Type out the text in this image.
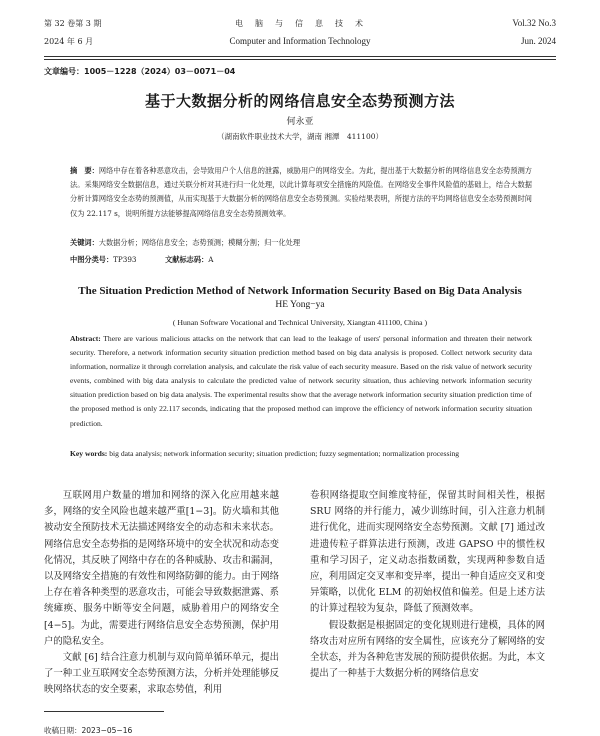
第 32 卷第 3 期
2024 年 6 月
电　脑　与　信　息　技　术
Computer and Information Technology
Vol.32 No.3
Jun. 2024
文章编号：1005－1228（2024）03－0071－04
基于大数据分析的网络信息安全态势预测方法
何永亚
（湖南软件职业技术大学，湖南 湘潭　411100）
摘　要：网络中存在着各种恶意攻击，会导致用户个人信息的泄露，威胁用户的网络安全。为此，提出基于大数据分析的网络信息安全态势预测方法。采集网络安全数据信息，通过关联分析对其进行归一化处理，以此计算每项安全措施的风险值。在网络安全事件风险值的基础上，结合大数据分析计算网络安全态势的预测值，从而实现基于大数据分析的网络信息安全态势预测。实验结果表明，所提方法的平均网络信息安全态势预测时间仅为 22.117 s，说明所提方法能够提高网络信息安全态势预测效率。
关键词：大数据分析；网络信息安全；态势预测；模糊分割；归一化处理
中图分类号：TP393	文献标志码：A
The Situation Prediction Method of Network Information Security Based on Big Data Analysis
HE Yong−ya
( Hunan Software Vocational and Technical University, Xiangtan 411100, China )
Abstract: There are various malicious attacks on the network that can lead to the leakage of users' personal information and threaten their network security. Therefore, a network information security situation prediction method based on big data analysis is proposed. Collect network security data information, normalize it through correlation analysis, and calculate the risk value of each security measure. Based on the risk value of network security events, combined with big data analysis to calculate the predicted value of network security situation, thus achieving network information security situation prediction based on big data analysis. The experimental results show that the average network information security situation prediction time of the proposed method is only 22.117 seconds, indicating that the proposed method can improve the efficiency of network information security situation prediction.
Key words: big data analysis; network information security; situation prediction; fuzzy segmentation; normalization processing

互联网用户数量的增加和网络的深入化应用越来越多，网络的安全风险也越来越严重[1−3]。防火墙和其他被动安全预防技术无法描述网络安全的动态和未来状态。网络信息安全态势指的是网络环境中的安全状况和动态变化情况，其反映了网络中存在的各种威胁、攻击和漏洞，以及网络安全措施的有效性和网络防御的能力。由于网络上存在着各种类型的恶意攻击，可能会导致数据泄露、系统瘫痪、服务中断等安全问题，威胁着用户的网络安全[4−5]。为此，需要进行网络信息安全态势预测，保护用户的隐私安全。

文献 [6] 结合注意力机制与双向简单循环单元，提出了一种工业互联网安全态势预测方法，分析并处理能够反映网络状态的安全要素，求取态势值，利用

卷积网络提取空间维度特征，保留其时间相关性，根据 SRU 网络的并行能力，减少训练时间，引入注意力机制进行优化，进而实现网络安全态势预测。文献 [7] 通过改进遗传粒子群算法进行预测，改进 GAPSO 中的惯性权重和学习因子，定义动态指数函数，实现两种参数自适应，利用固定交叉率和变异率，提出一种自适应交叉和变异策略，以优化 ELM 的初始权值和偏差。但是上述方法的计算过程较为复杂，降低了预测效率。

假设数据是根据固定的变化规则进行建模，具体的网络攻击对应所有网络的安全属性，应该充分了解网络的安全状态，并为各种危害发展的预防提供依据。为此，本文提出了一种基于大数据分析的网络信息安

收稿日期：2023−05−16
